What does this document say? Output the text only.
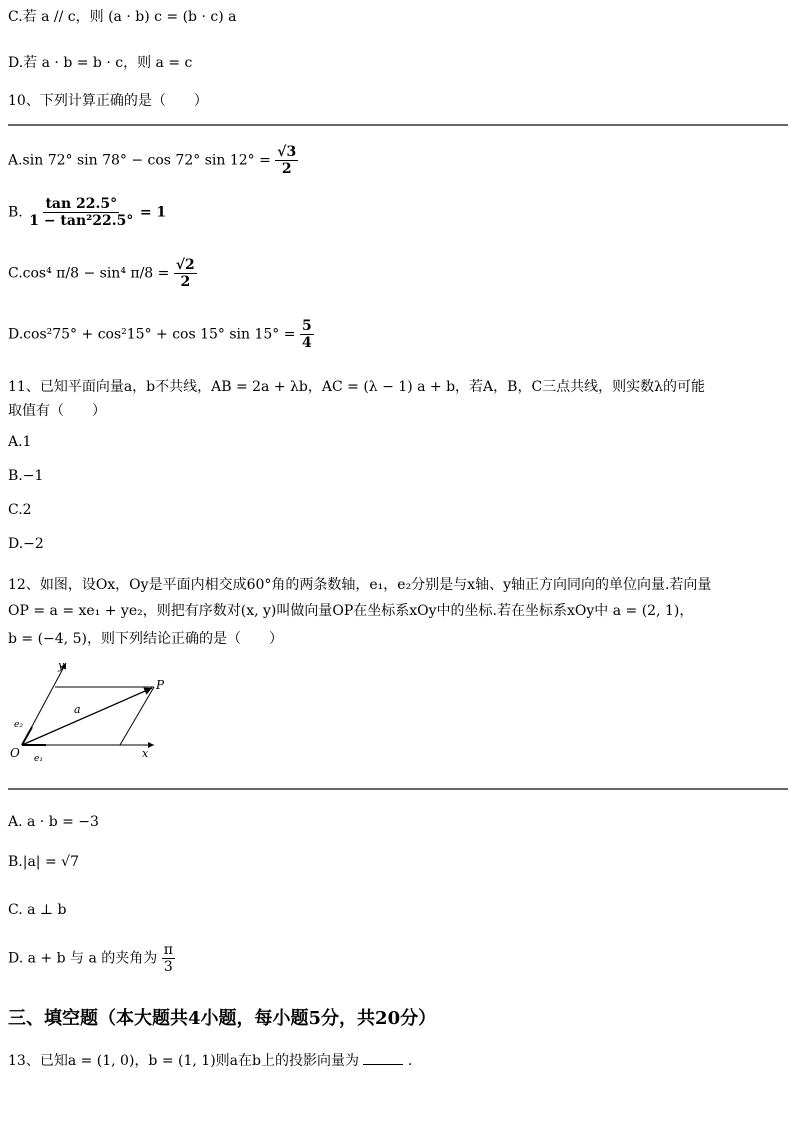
C.若 a // c，则 (a · b) c = (b · c) a
D.若 a · b = b · c，则 a = c
10、下列计算正确的是（　　）
A.sin 72° sin 78° − cos 72° $\sin 12^\circ = \frac{√3}{2}$
B. $\frac{\tan 22.5^\circ}{\text{1 − tan²22.5°}} = 1$
C.cos⁴ π/8 − sin⁴ $\pi/8 = \frac{√2}{2}$
D.cos²75° + cos²15° + cos 15° $\sin 15^\circ = \frac{5}{4}$
11、已知平面向量a，b不共线，AB = 2a + λb，AC = (λ − 1) a + b，若A，B，C三点共线，则实数λ的可能
取值有（　　）
A.1
B.−1
C.2
D.−2
12、如图，设Ox，Oy是平面内相交成60°角的两条数轴，e₁，e₂分别是与x轴、y轴正方向同向的单位向量.若向量
OP = a = xe₁ + ye₂，则把有序数对(x, y)叫做向量OP在坐标系xOy中的坐标.若在坐标系xOy中 a = (2, 1)，
b = (−4, 5)，则下列结论正确的是（　　）
y
x
O
P
a
e₁
e₂
A. a · b = −3
B.|a| = √7
C. a ⊥ b
D. a + b 与 a 的夹角为 $\frac{\pi}{3}$
三、填空题（本大题共4小题，每小题5分，共20分）
13、已知a = (1, 0)，b = (1, 1)则a在b上的投影向量为	.
